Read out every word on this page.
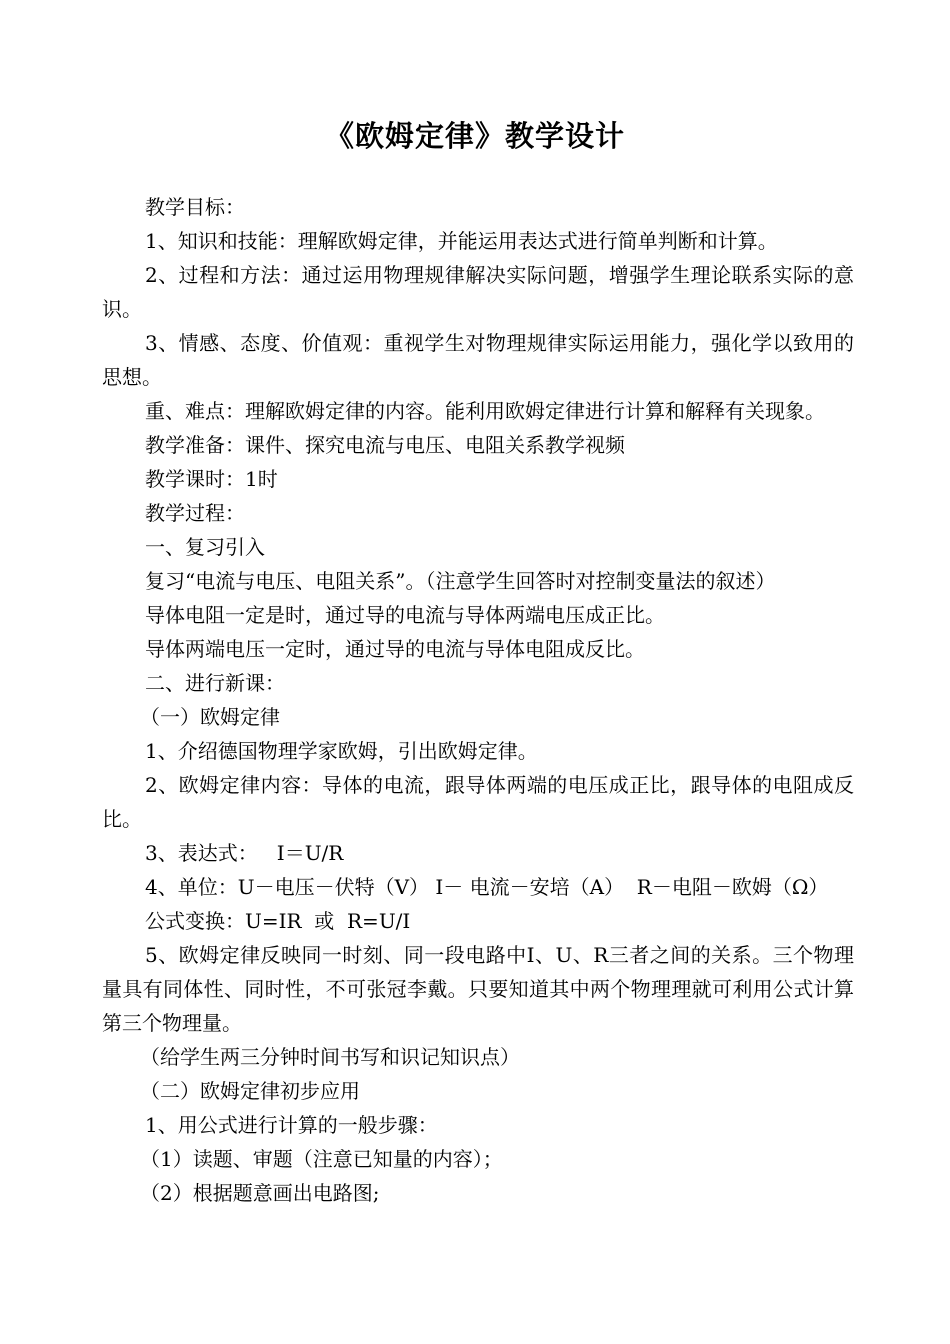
《欧姆定律》教学设计

教学目标：

1、知识和技能：理解欧姆定律，并能运用表达式进行简单判断和计算。

2、过程和方法：通过运用物理规律解决实际问题，增强学生理论联系实际的意识。

3、情感、态度、价值观：重视学生对物理规律实际运用能力，强化学以致用的思想。

重、难点：理解欧姆定律的内容。能利用欧姆定律进行计算和解释有关现象。

教学准备：课件、探究电流与电压、电阻关系教学视频

教学课时：1时

教学过程：

一、复习引入

复习“电流与电压、电阻关系”。（注意学生回答时对控制变量法的叙述）

导体电阻一定是时，通过导的电流与导体两端电压成正比。

导体两端电压一定时，通过导的电流与导体电阻成反比。

二、进行新课：

（一）欧姆定律

1、介绍德国物理学家欧姆，引出欧姆定律。

2、欧姆定律内容：导体的电流，跟导体两端的电压成正比，跟导体的电阻成反比。

3、表达式：   I＝U/R

4、单位：U－电压－伏特（V） I－ 电流－安培（A）  R－电阻－欧姆（Ω）

公式变换：U=IR  或  R=U/I

5、欧姆定律反映同一时刻、同一段电路中I、U、R三者之间的关系。三个物理量具有同体性、同时性，不可张冠李戴。只要知道其中两个物理理就可利用公式计算第三个物理量。

（给学生两三分钟时间书写和识记知识点）

（二）欧姆定律初步应用

1、用公式进行计算的一般步骤：

（1）读题、审题（注意已知量的内容）；

（2）根据题意画出电路图;
